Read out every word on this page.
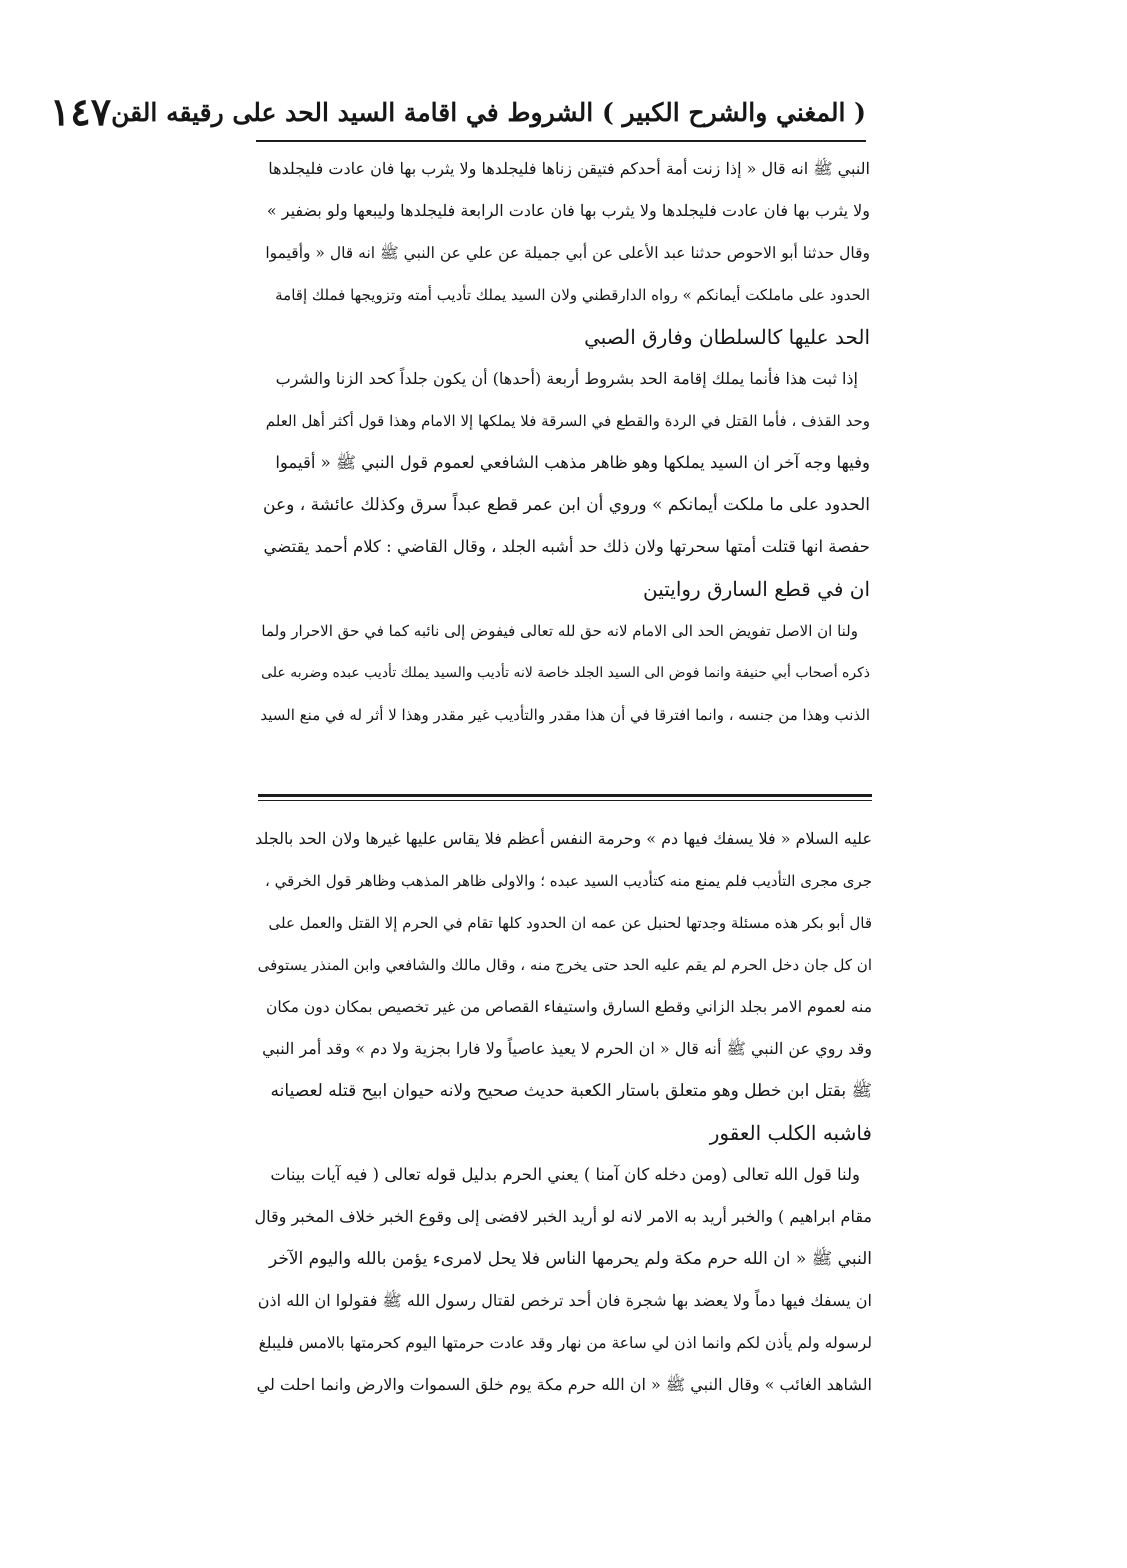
( المغني والشرح الكبير ) الشروط في اقامة السيد الحد على رقيقه القن
١٤٧
النبي ﷺ انه قال « إذا زنت أمة أحدكم فتيقن زناها فليجلدها ولا يثرب بها فان عادت فليجلدها
ولا يثرب بها فان عادت فليجلدها ولا يثرب بها فان عادت الرابعة فليجلدها وليبعها ولو بضفير »
وقال حدثنا أبو الاحوص حدثنا عبد الأعلى عن أبي جميلة عن علي عن النبي ﷺ انه قال « وأقيموا
الحدود على ماملكت أيمانكم » رواه الدارقطني ولان السيد يملك تأديب أمته وتزويجها فملك إقامة
الحد عليها كالسلطان وفارق الصبي
إذا ثبت هذا فأنما يملك إقامة الحد بشروط أربعة (أحدها) أن يكون جلداً كحد الزنا والشرب
وحد القذف ، فأما القتل في الردة والقطع في السرقة فلا يملكها إلا الامام وهذا قول أكثر أهل العلم
وفيها وجه آخر ان السيد يملكها وهو ظاهر مذهب الشافعي لعموم قول النبي ﷺ « أقيموا
الحدود على ما ملكت أيمانكم » وروي أن ابن عمر قطع عبداً سرق وكذلك عائشة ، وعن
حفصة انها قتلت أمتها سحرتها ولان ذلك حد أشبه الجلد ، وقال القاضي : كلام أحمد يقتضي
ان في قطع السارق روايتين
ولنا ان الاصل تفويض الحد الى الامام لانه حق لله تعالى فيفوض إلى نائبه كما في حق الاحرار ولما
ذكره أصحاب أبي حنيفة وانما فوض الى السيد الجلد خاصة لانه تأديب والسيد يملك تأديب عبده وضربه على
الذنب وهذا من جنسه ، وانما افترقا في أن هذا مقدر والتأديب غير مقدر وهذا لا أثر له في منع السيد
عليه السلام « فلا يسفك فيها دم » وحرمة النفس أعظم فلا يقاس عليها غيرها ولان الحد بالجلد
جرى مجرى التأديب فلم يمنع منه كتأديب السيد عبده ؛ والاولى ظاهر المذهب وظاهر قول الخرقي ،
قال أبو بكر هذه مسئلة وجدتها لحنبل عن عمه ان الحدود كلها تقام في الحرم إلا القتل والعمل على
ان كل جان دخل الحرم لم يقم عليه الحد حتى يخرج منه ، وقال مالك والشافعي وابن المنذر يستوفى
منه لعموم الامر بجلد الزاني وقطع السارق واستيفاء القصاص من غير تخصيص بمكان دون مكان
وقد روي عن النبي ﷺ أنه قال « ان الحرم لا يعيذ عاصياً ولا فارا بجزية ولا دم » وقد أمر النبي
ﷺ بقتل ابن خطل وهو متعلق باستار الكعبة حديث صحيح ولانه حيوان ابيح قتله لعصيانه
فاشبه الكلب العقور
ولنا قول الله تعالى (ومن دخله كان آمنا ) يعني الحرم بدليل قوله تعالى ( فيه آيات بينات
مقام ابراهيم ) والخبر أريد به الامر لانه لو أريد الخبر لافضى إلى وقوع الخبر خلاف المخبر وقال
النبي ﷺ « ان الله حرم مكة ولم يحرمها الناس فلا يحل لامرىء يؤمن بالله واليوم الآخر
ان يسفك فيها دماً ولا يعضد بها شجرة فان أحد ترخص لقتال رسول الله ﷺ فقولوا ان الله اذن
لرسوله ولم يأذن لكم وانما اذن لي ساعة من نهار وقد عادت حرمتها اليوم كحرمتها بالامس فليبلغ
الشاهد الغائب » وقال النبي ﷺ « ان الله حرم مكة يوم خلق السموات والارض وانما احلت لي
